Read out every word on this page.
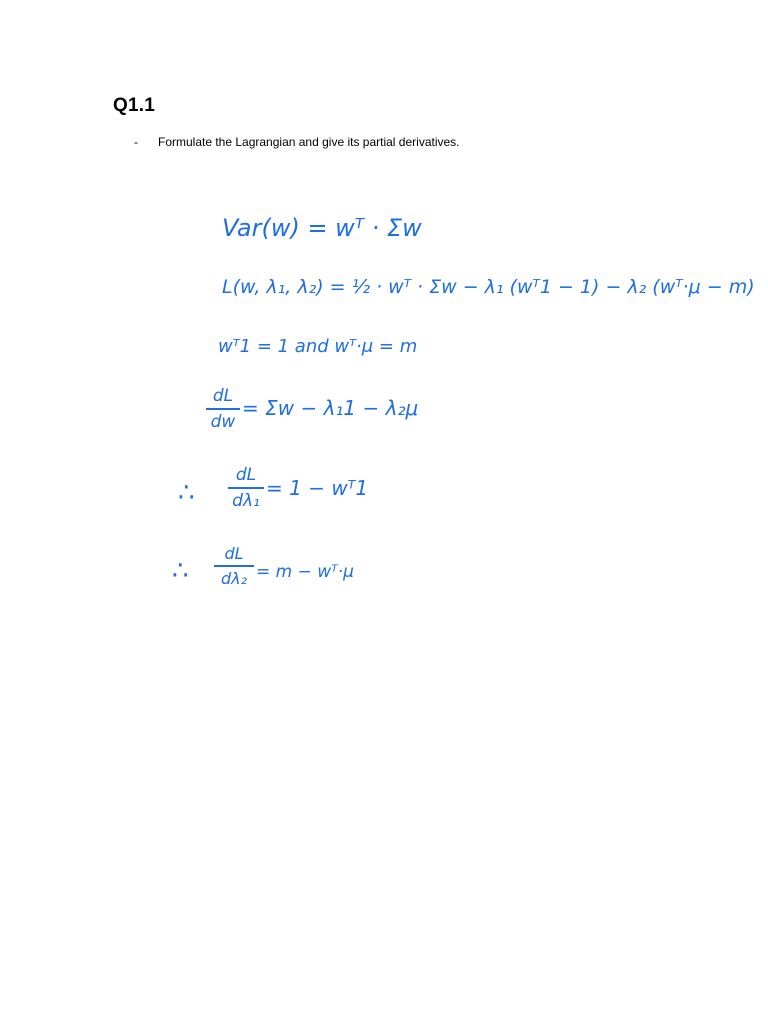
Q1.1
-	Formulate the Lagrangian and give its partial derivatives.
Var(w) = wᵀ · Σw
L(w, λ₁, λ₂) = ½ · wᵀ · Σw − λ₁ (wᵀ1 − 1) − λ₂ (wᵀ·μ − m)
wᵀ1 = 1 and wᵀ·μ = m
dL
dw
= Σw − λ₁1 − λ₂μ
∴
dL
dλ₁
= 1 − wᵀ1
∴
dL
dλ₂ = m − wᵀ·μ
